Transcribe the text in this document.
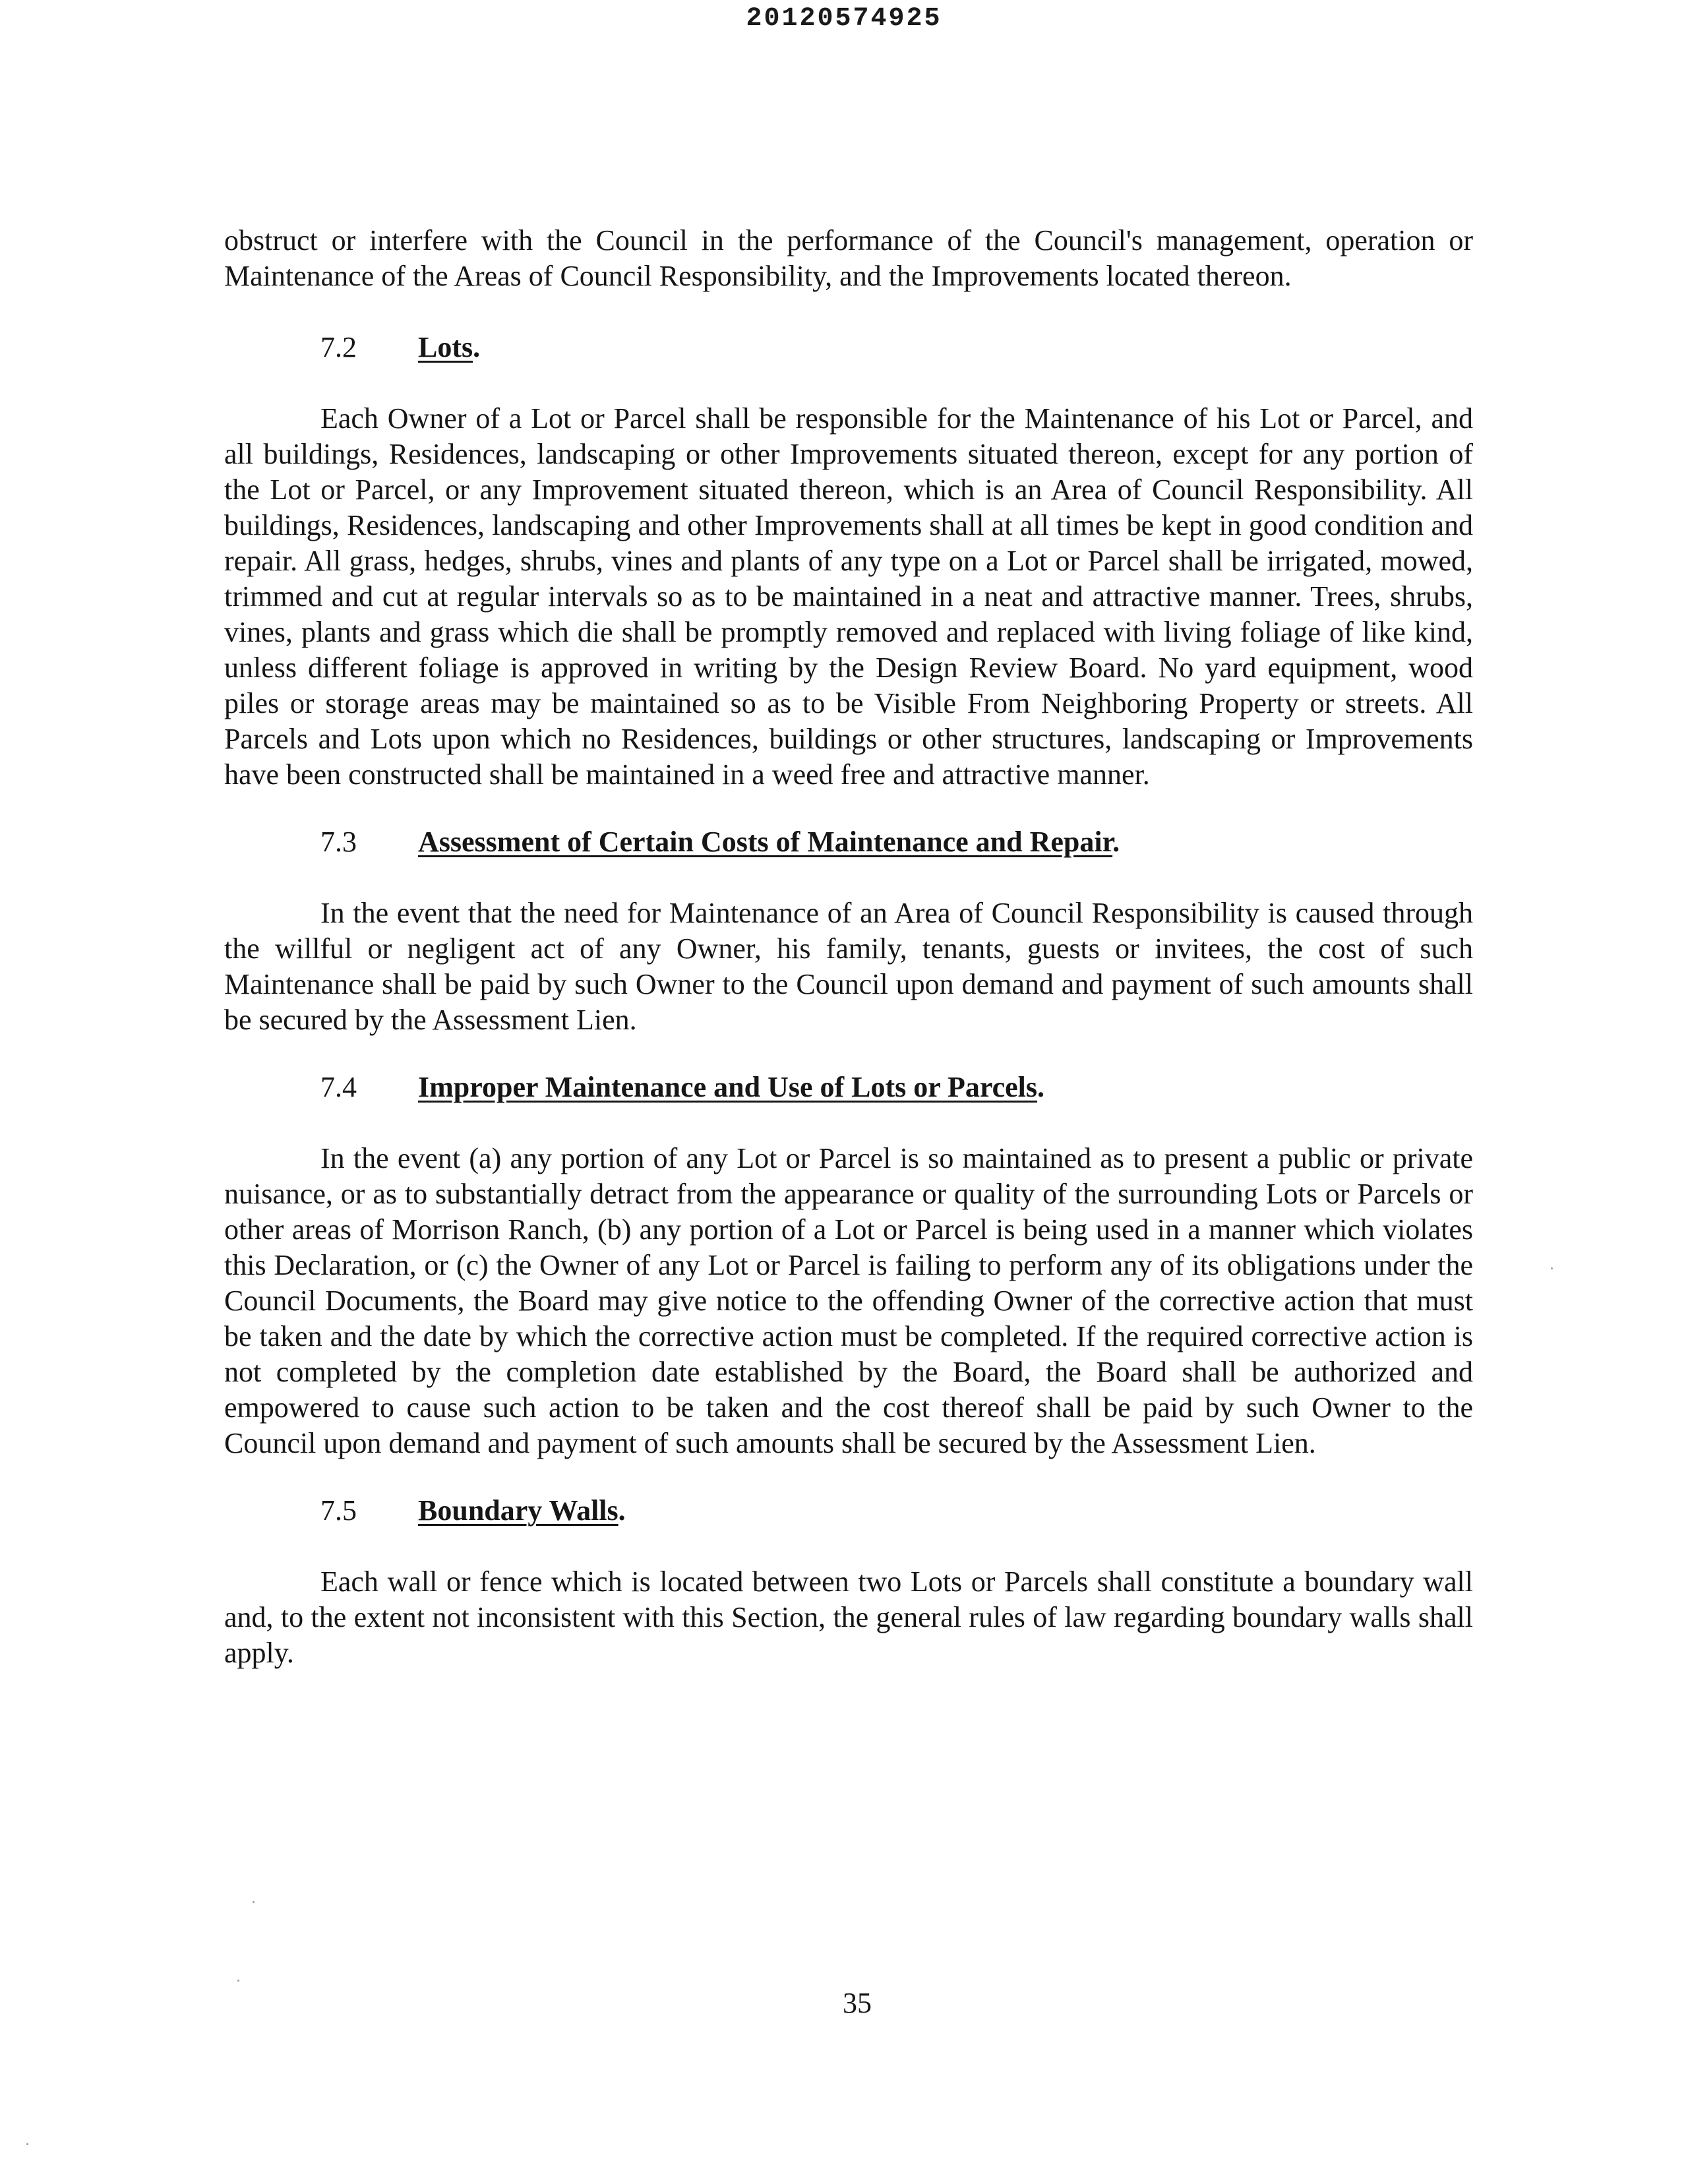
20120574925

obstruct or interfere with the Council in the performance of the Council's management, operation or Maintenance of the Areas of Council Responsibility, and the Improvements located thereon.

7.2 Lots.

Each Owner of a Lot or Parcel shall be responsible for the Maintenance of his Lot or Parcel, and all buildings, Residences, landscaping or other Improvements situated thereon, except for any portion of the Lot or Parcel, or any Improvement situated thereon, which is an Area of Council Responsibility. All buildings, Residences, landscaping and other Improvements shall at all times be kept in good condition and repair. All grass, hedges, shrubs, vines and plants of any type on a Lot or Parcel shall be irrigated, mowed, trimmed and cut at regular intervals so as to be maintained in a neat and attractive manner. Trees, shrubs, vines, plants and grass which die shall be promptly removed and replaced with living foliage of like kind, unless different foliage is approved in writing by the Design Review Board. No yard equipment, wood piles or storage areas may be maintained so as to be Visible From Neighboring Property or streets. All Parcels and Lots upon which no Residences, buildings or other structures, landscaping or Improvements have been constructed shall be maintained in a weed free and attractive manner.

7.3 Assessment of Certain Costs of Maintenance and Repair.

In the event that the need for Maintenance of an Area of Council Responsibility is caused through the willful or negligent act of any Owner, his family, tenants, guests or invitees, the cost of such Maintenance shall be paid by such Owner to the Council upon demand and payment of such amounts shall be secured by the Assessment Lien.

7.4 Improper Maintenance and Use of Lots or Parcels.

In the event (a) any portion of any Lot or Parcel is so maintained as to present a public or private nuisance, or as to substantially detract from the appearance or quality of the surrounding Lots or Parcels or other areas of Morrison Ranch, (b) any portion of a Lot or Parcel is being used in a manner which violates this Declaration, or (c) the Owner of any Lot or Parcel is failing to perform any of its obligations under the Council Documents, the Board may give notice to the offending Owner of the corrective action that must be taken and the date by which the corrective action must be completed. If the required corrective action is not completed by the completion date established by the Board, the Board shall be authorized and empowered to cause such action to be taken and the cost thereof shall be paid by such Owner to the Council upon demand and payment of such amounts shall be secured by the Assessment Lien.

7.5 Boundary Walls.

Each wall or fence which is located between two Lots or Parcels shall constitute a boundary wall and, to the extent not inconsistent with this Section, the general rules of law regarding boundary walls shall apply.

35
